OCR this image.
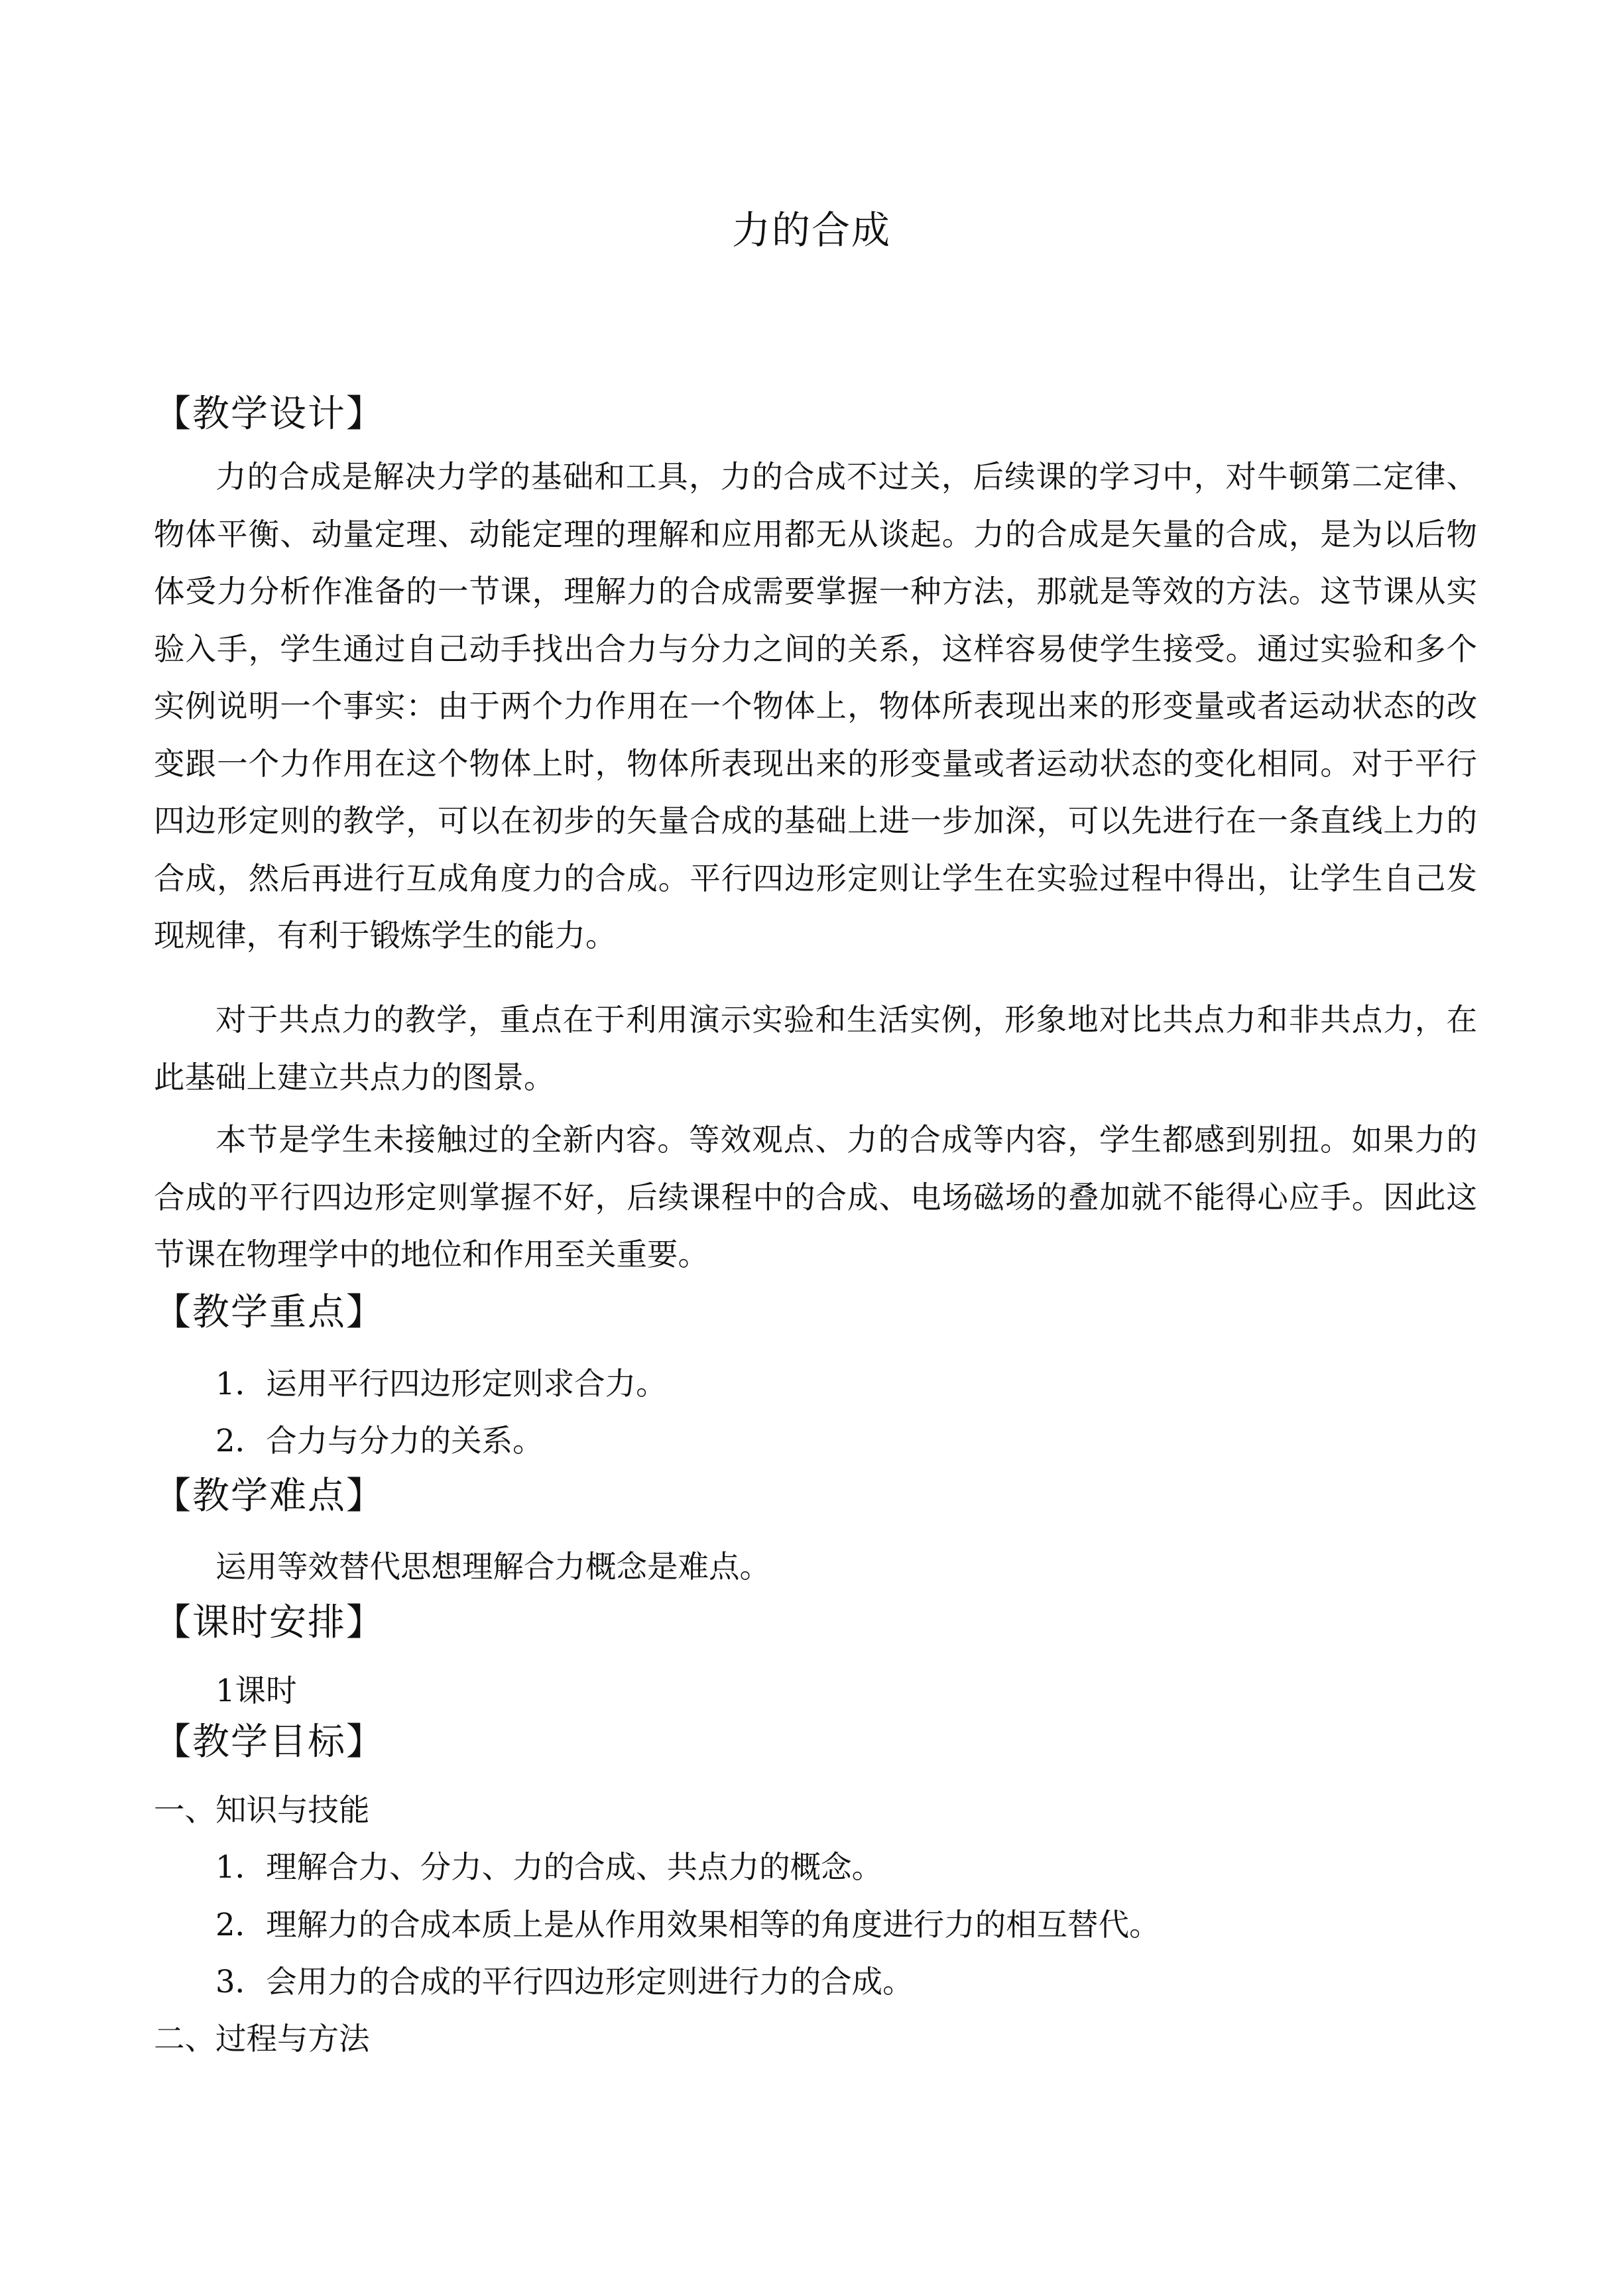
力的合成
【教学设计】
力的合成是解决力学的基础和工具，力的合成不过关，后续课的学习中，对牛顿第二定律、物体平衡、动量定理、动能定理的理解和应用都无从谈起。力的合成是矢量的合成，是为以后物体受力分析作准备的一节课，理解力的合成需要掌握一种方法，那就是等效的方法。这节课从实验入手，学生通过自己动手找出合力与分力之间的关系，这样容易使学生接受。通过实验和多个实例说明一个事实：由于两个力作用在一个物体上，物体所表现出来的形变量或者运动状态的改变跟一个力作用在这个物体上时，物体所表现出来的形变量或者运动状态的变化相同。对于平行四边形定则的教学，可以在初步的矢量合成的基础上进一步加深，可以先进行在一条直线上力的合成，然后再进行互成角度力的合成。平行四边形定则让学生在实验过程中得出，让学生自己发现规律，有利于锻炼学生的能力。
对于共点力的教学，重点在于利用演示实验和生活实例，形象地对比共点力和非共点力，在此基础上建立共点力的图景。
本节是学生未接触过的全新内容。等效观点、力的合成等内容，学生都感到别扭。如果力的合成的平行四边形定则掌握不好，后续课程中的合成、电场磁场的叠加就不能得心应手。因此这节课在物理学中的地位和作用至关重要。
【教学重点】
1．运用平行四边形定则求合力。
2．合力与分力的关系。
【教学难点】
运用等效替代思想理解合力概念是难点。
【课时安排】
1课时
【教学目标】
一、知识与技能
1．理解合力、分力、力的合成、共点力的概念。
2．理解力的合成本质上是从作用效果相等的角度进行力的相互替代。
3．会用力的合成的平行四边形定则进行力的合成。
二、过程与方法
